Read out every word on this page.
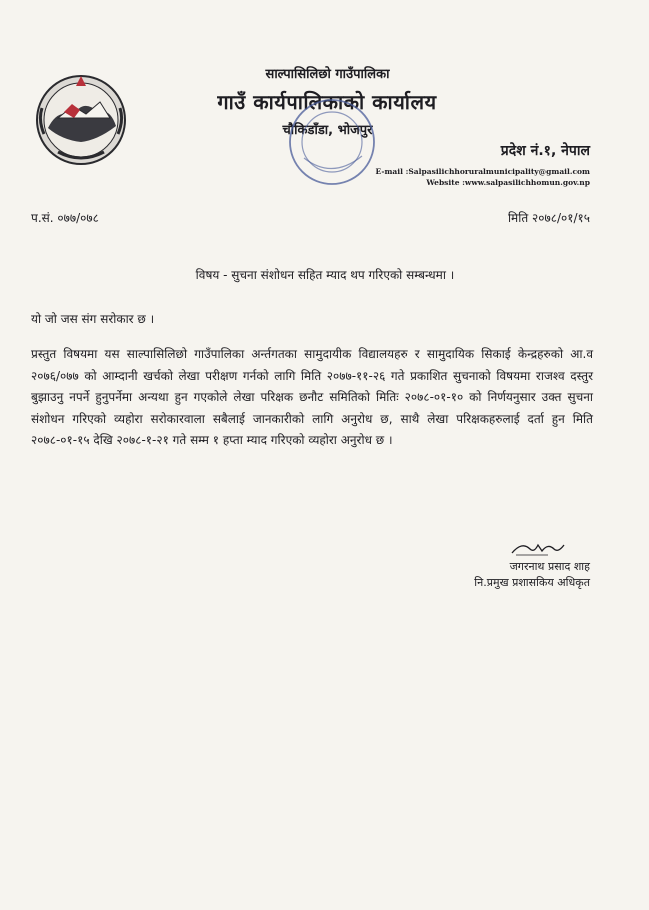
साल्पासिलिछो गाउँपालिका
गाउँ कार्यपालिकाको कार्यालय
चौकिडाँडा, भोजपुर
प्रदेश नं.१, नेपाल
E-mail :Salpasilichhoruralmunicipality@gmail.com
Website :www.salpasilichhomun.gov.np
प.सं. ०७७/०७८	मिति २०७८/०१/१५
विषय - सुचना संशोधन सहित म्याद थप गरिएको सम्बन्धमा ।
यो जो जस संग सरोकार छ ।
प्रस्तुत विषयमा यस साल्पासिलिछो गाउँपालिका अर्न्तगतका सामुदायीक विद्यालयहरु र सामुदायिक सिकाई केन्द्रहरुको आ.व २०७६/०७७ को आम्दानी खर्चको लेखा परीक्षण गर्नको लागि मिति २०७७-११-२६ गते प्रकाशित सुचनाको विषयमा राजश्व दस्तुर बुझाउनु नपर्ने हुनुपर्नेमा अन्यथा हुन गएकोले लेखा परिक्षक छनौट समितिको मितिः २०७८-०१-१० को निर्णयनुसार उक्त सुचना संशोधन गरिएको व्यहोरा सरोकारवाला सबैलाई जानकारीको लागि अनुरोध छ, साथै लेखा परिक्षकहरुलाई दर्ता हुन मिति २०७८-०१-१५ देखि २०७८-१-२१ गते सम्म १ हप्ता म्याद गरिएको व्यहोरा अनुरोध छ ।
जगरनाथ प्रसाद शाह
नि.प्रमुख प्रशासकिय अधिकृत
